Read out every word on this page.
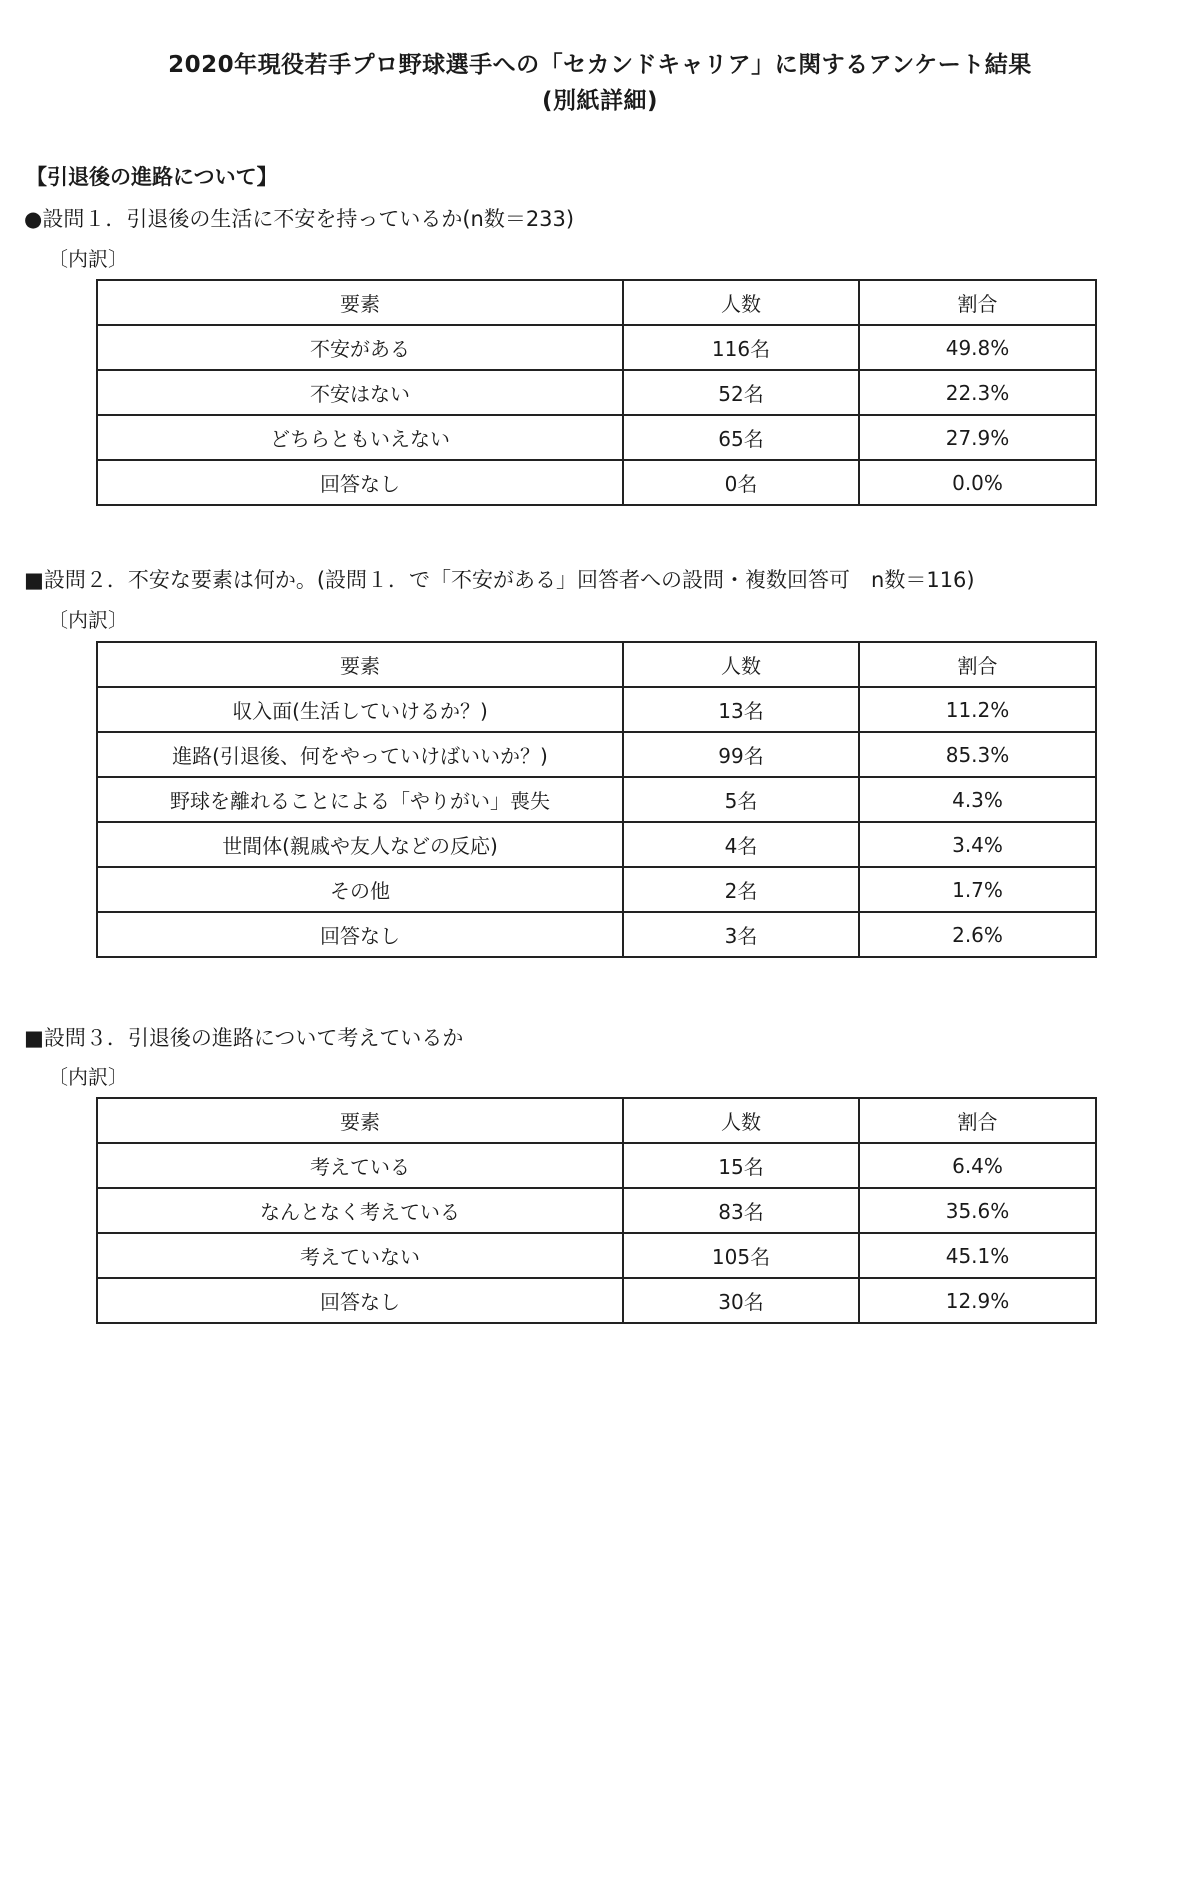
2020年現役若手プロ野球選手への「セカンドキャリア」に関するアンケート結果
(別紙詳細)
【引退後の進路について】
●設問１．引退後の生活に不安を持っているか(n数＝233)
〔内訳〕
要素	人数	割合
不安がある	116名	49.8%
不安はない	52名	22.3%
どちらともいえない	65名	27.9%
回答なし	0名	0.0%
■設問２．不安な要素は何か。(設問１．で「不安がある」回答者への設問・複数回答可　n数＝116)
〔内訳〕
要素	人数	割合
収入面(生活していけるか？)	13名	11.2%
進路(引退後、何をやっていけばいいか？)	99名	85.3%
野球を離れることによる「やりがい」喪失	5名	4.3%
世間体(親戚や友人などの反応)	4名	3.4%
その他	2名	1.7%
回答なし	3名	2.6%
■設問３．引退後の進路について考えているか
〔内訳〕
要素	人数	割合
考えている	15名	6.4%
なんとなく考えている	83名	35.6%
考えていない	105名	45.1%
回答なし	30名	12.9%
